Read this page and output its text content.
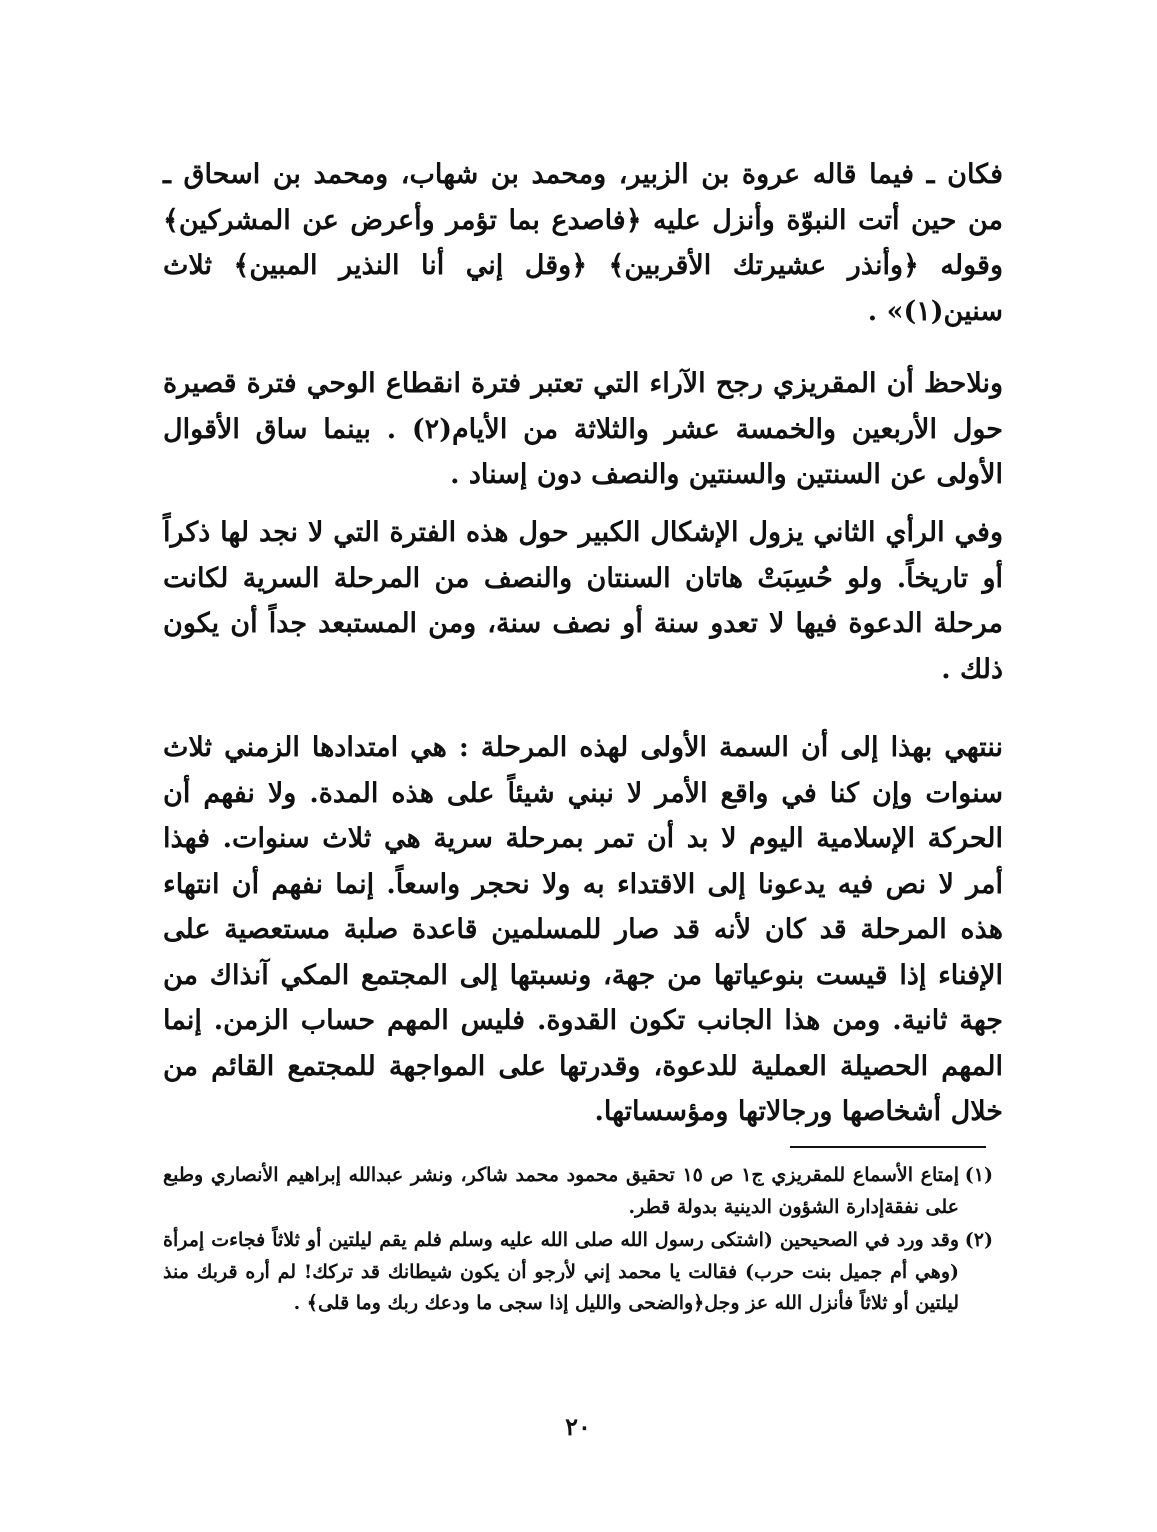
فكان ـ فيما قاله عروة بن الزبير، ومحمد بن شهاب، ومحمد بن اسحاق ـ من حين أتت النبوّة وأنزل عليه ﴿فاصدع بما تؤمر وأعرض عن المشركين﴾ وقوله ﴿وأنذر عشيرتك الأقربين﴾ ﴿وقل إني أنا النذير المبين﴾ ثلاث سنين(١)» .

ونلاحظ أن المقريزي رجح الآراء التي تعتبر فترة انقطاع الوحي فترة قصيرة حول الأربعين والخمسة عشر والثلاثة من الأيام(٢) . بينما ساق الأقوال الأولى عن السنتين والسنتين والنصف دون إسناد .

وفي الرأي الثاني يزول الإشكال الكبير حول هذه الفترة التي لا نجد لها ذكراً أو تاريخاً. ولو حُسِبَتْ هاتان السنتان والنصف من المرحلة السرية لكانت مرحلة الدعوة فيها لا تعدو سنة أو نصف سنة، ومن المستبعد جداً أن يكون ذلك .

ننتهي بهذا إلى أن السمة الأولى لهذه المرحلة : هي امتدادها الزمني ثلاث سنوات وإن كنا في واقع الأمر لا نبني شيئاً على هذه المدة. ولا نفهم أن الحركة الإسلامية اليوم لا بد أن تمر بمرحلة سرية هي ثلاث سنوات. فهذا أمر لا نص فيه يدعونا إلى الاقتداء به ولا نحجر واسعاً. إنما نفهم أن انتهاء هذه المرحلة قد كان لأنه قد صار للمسلمين قاعدة صلبة مستعصية على الإفناء إذا قيست بنوعياتها من جهة، ونسبتها إلى المجتمع المكي آنذاك من جهة ثانية. ومن هذا الجانب تكون القدوة. فليس المهم حساب الزمن. إنما المهم الحصيلة العملية للدعوة، وقدرتها على المواجهة للمجتمع القائم من خلال أشخاصها ورجالاتها ومؤسساتها.

(١)
إمتاع الأسماع للمقريزي ج١ ص ١٥ تحقيق محمود محمد شاكر، ونشر عبدالله إبراهيم الأنصاري وطبع على نفقةإدارة الشؤون الدينية بدولة قطر.
(٢)
وقد ورد في الصحيحين (اشتكى رسول الله صلى الله عليه وسلم فلم يقم ليلتين أو ثلاثاً فجاءت إمرأة (وهي أم جميل بنت حرب) فقالت يا محمد إني لأرجو أن يكون شيطانك قد تركك! لم أره قربك منذ ليلتين أو ثلاثاً فأنزل الله عز وجل﴿والضحى والليل إذا سجى ما ودعك ربك وما قلى﴾ .
٢٠
